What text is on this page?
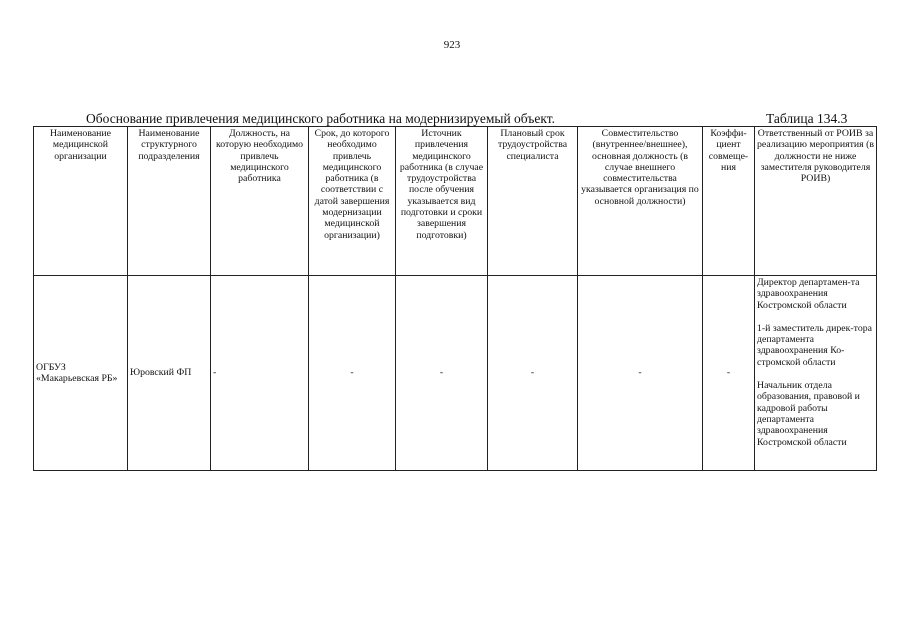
923
Обоснование привлечения медицинского работника на модернизируемый объект.	Таблица 134.3
Наименование медицинской организации	Наименование структурного подразделения	Должность, на которую необходимо привлечь медицинского работника	Срок, до которого необходимо привлечь медицинского работника (в соответствии с датой завершения модернизации медицинской организации)	Источник привлечения медицинского работника (в случае трудоустройства после обучения указывается вид подготовки и сроки завершения подготовки)	Плановый срок трудоустройства специалиста	Совместительство (внутреннее/внешнее), основная должность (в случае внешнего совместительства указывается организация по основной должности)	Коэффи-циент совмеще-ния	Ответственный от РОИВ за реализацию мероприятия (в должности не ниже заместителя руководителя РОИВ)
ОГБУЗ «Макарьевская РБ»	Юровский ФП	-	-	-	-	-	-	Директор департамен-та здравоохранения Костромской области
1-й заместитель дирек-тора департамента здравоохранения Ко-стромской области
Начальник отдела образования, правовой и кадровой работы департамента здравоохранения Костромской области
